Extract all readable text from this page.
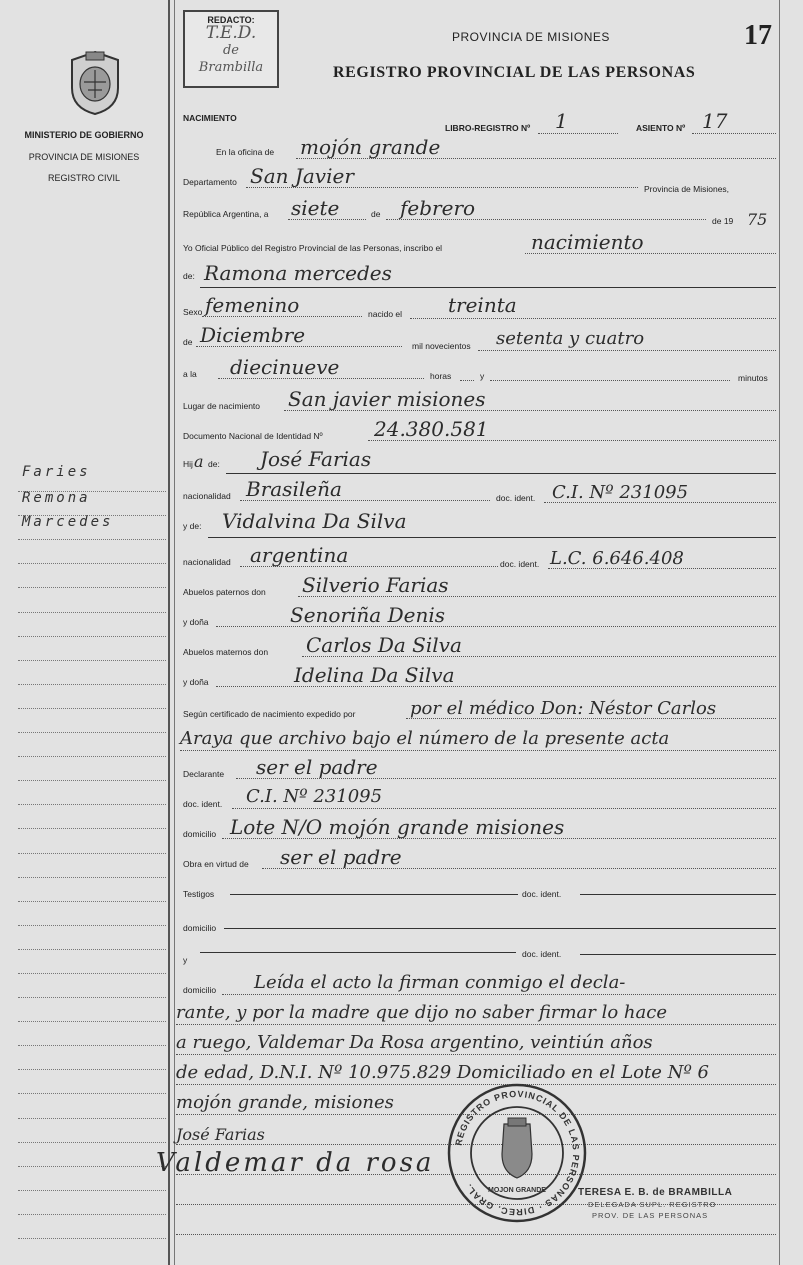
MINISTERIO DE GOBIERNO
PROVINCIA DE MISIONES
REGISTRO CIVIL
Faries
Remona
Marcedes
REDACTO:
T.E.D.
de
Brambilla
PROVINCIA DE MISIONES
REGISTRO PROVINCIAL DE LAS PERSONAS
17
NACIMIENTO
LIBRO-REGISTRO Nº 1	ASIENTO Nº 17
En la oficina de mojón grande
Departamento San Javier
Provincia de Misiones,
República Argentina, a siete	de febrero
de 19 75
Yo Oficial Público del Registro Provincial de las Personas, inscribo el	nacimiento
de: Ramona mercedes
Sexo femenino	nacido el treinta
de Diciembre	mil novecientos setenta y cuatro
a la diecinueve	horas	y	minutos
Lugar de nacimiento San javier misiones
Documento Nacional de Identidad Nº	24.380.581
Hij a de: José Farias
nacionalidad Brasileña	doc. ident. C.I. Nº 231095
y de: Vidalvina Da Silva
nacionalidad argentina	doc. ident. L.C. 6.646.408
Abuelos paternos don Silverio Farias
y doña	Senoriña Denis
Abuelos maternos don Carlos Da Silva
y doña	Idelina Da Silva
Según certificado de nacimiento expedido por	por el médico Don: Néstor Carlos
Araya que archivo bajo el número de la presente acta
Declarante ser el padre
doc. ident. C.I. Nº 231095
domicilio Lote N/O mojón grande misiones
Obra en virtud de ser el padre
Testigos	doc. ident.
domicilio
y
doc. ident.
domicilio Leída el acto la firman conmigo el decla-
rante, y por la madre que dijo no saber firmar lo hace
a ruego, Valdemar Da Rosa argentino, veintiún años
de edad, D.N.I. Nº 10.975.829 Domiciliado en el Lote Nº 6
mojón grande, misiones
José Farias
Valdemar da rosa
REGISTRO PROVINCIAL DE LAS PERSONAS · DIREC. GRAL.
MOJON GRANDE	TERESA E. B. de BRAMBILLA
DELEGADA SUPL. REGISTRO
PROV. DE LAS PERSONAS
